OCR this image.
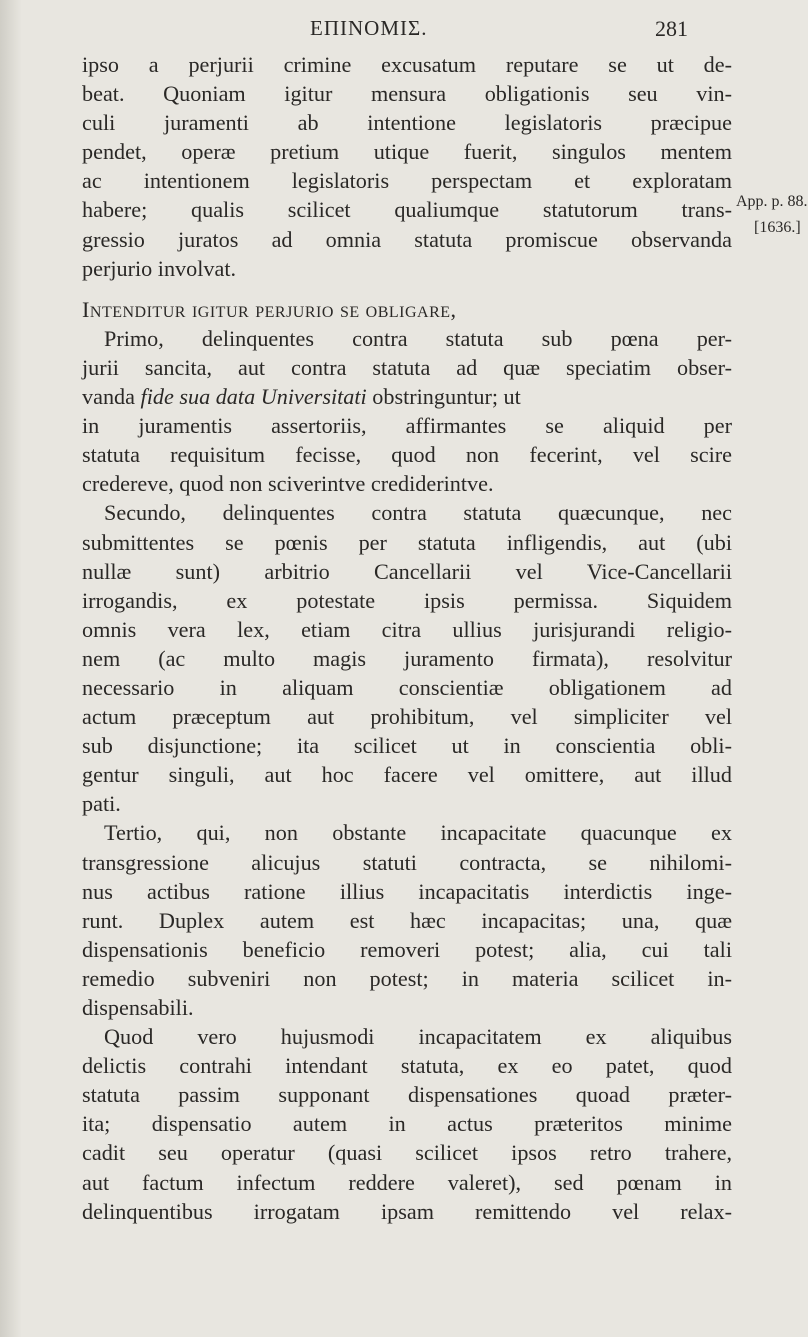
ΕΠΙΝΟΜΙΣ.	281
App. p. 88.
[1636.]
ipso a perjurii crimine excusatum reputare se ut de-
beat. Quoniam igitur mensura obligationis seu vin-
culi juramenti ab intentione legislatoris præcipue
pendet, operæ pretium utique fuerit, singulos mentem
ac intentionem legislatoris perspectam et exploratam
habere; qualis scilicet qualiumque statutorum trans-
gressio juratos ad omnia statuta promiscue observanda
perjurio involvat.
Intenditur igitur perjurio se obligare,
Primo, delinquentes contra statuta sub pœna per-
jurii sancita, aut contra statuta ad quæ speciatim obser-
vanda fide sua data Universitati obstringuntur; ut
in juramentis assertoriis, affirmantes se aliquid per
statuta requisitum fecisse, quod non fecerint, vel scire
credereve, quod non sciverintve crediderintve.
Secundo, delinquentes contra statuta quæcunque, nec
submittentes se pœnis per statuta infligendis, aut (ubi
nullæ sunt) arbitrio Cancellarii vel Vice-Cancellarii
irrogandis, ex potestate ipsis permissa. Siquidem
omnis vera lex, etiam citra ullius jurisjurandi religio-
nem (ac multo magis juramento firmata), resolvitur
necessario in aliquam conscientiæ obligationem ad
actum præceptum aut prohibitum, vel simpliciter vel
sub disjunctione; ita scilicet ut in conscientia obli-
gentur singuli, aut hoc facere vel omittere, aut illud
pati.
Tertio, qui, non obstante incapacitate quacunque ex
transgressione alicujus statuti contracta, se nihilomi-
nus actibus ratione illius incapacitatis interdictis inge-
runt. Duplex autem est hæc incapacitas; una, quæ
dispensationis beneficio removeri potest; alia, cui tali
remedio subveniri non potest; in materia scilicet in-
dispensabili.
Quod vero hujusmodi incapacitatem ex aliquibus
delictis contrahi intendant statuta, ex eo patet, quod
statuta passim supponant dispensationes quoad præter-
ita; dispensatio autem in actus præteritos minime
cadit seu operatur (quasi scilicet ipsos retro trahere,
aut factum infectum reddere valeret), sed pœnam in
delinquentibus irrogatam ipsam remittendo vel relax-
